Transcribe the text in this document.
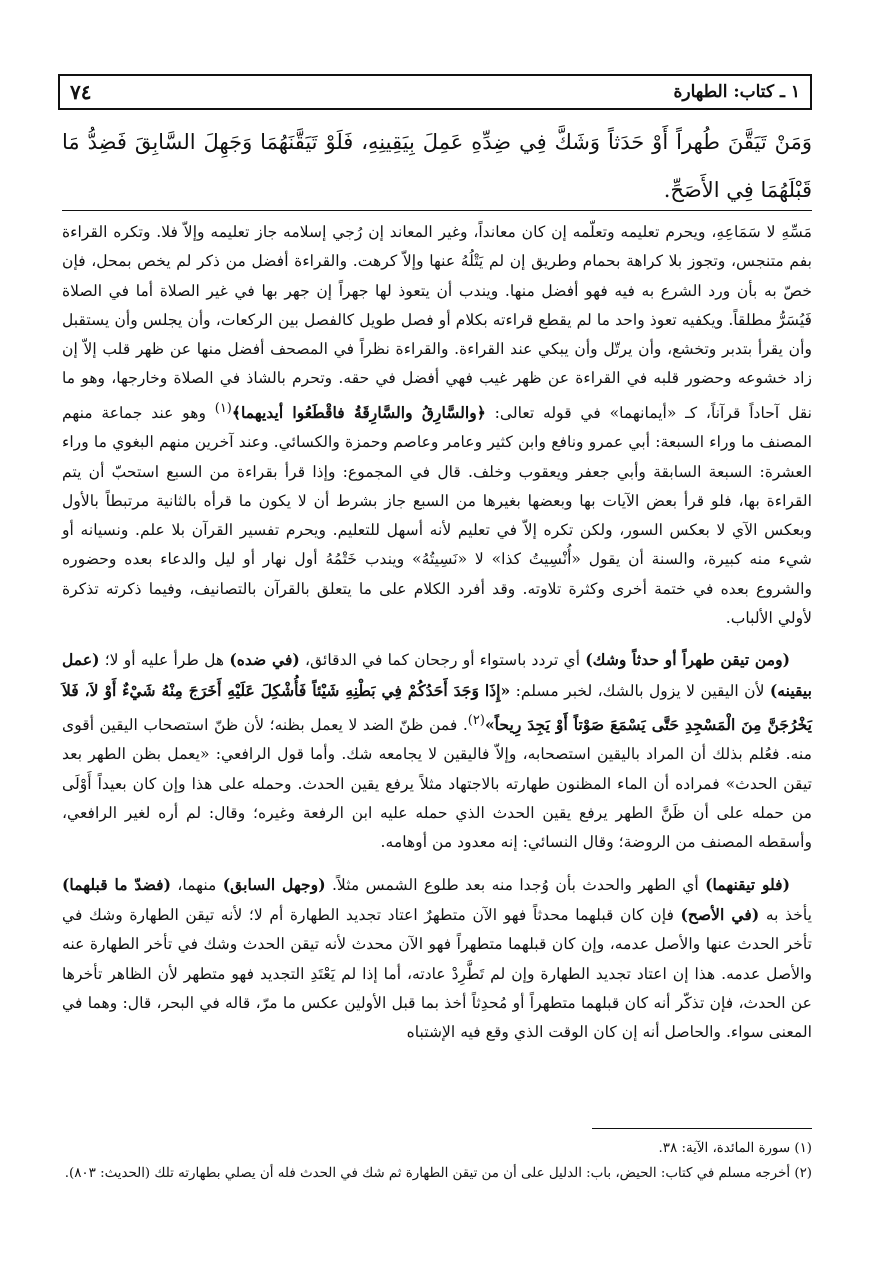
١ ـ كتاب: الطهارة
٧٤
وَمَنْ تَيَقَّنَ طُهراً أَوْ حَدَثاً وَشَكَّ فِي ضِدِّهِ عَمِلَ بِيَقِينِهِ، فَلَوْ تَيَقَّنَهُمَا وَجَهِلَ السَّابِقَ فَضِدُّ مَا قَبْلَهُمَا فِي الأَصَحِّ.

مَسِّهِ لا سَمَاعِهِ، ويحرم تعليمه وتعلّمه إن كان معانداً، وغير المعاند إن رُجي إسلامه جاز تعليمه وإلاّ فلا. وتكره القراءة بفم متنجس، وتجوز بلا كراهة بحمام وطريق إن لم يَتْلُهُ عنها وإلاّ كرهت. والقراءة أفضل من ذكر لم يخص بمحل، فإن خصّ به بأن ورد الشرع به فيه فهو أفضل منها. ويندب أن يتعوذ لها جهراً إن جهر بها في غير الصلاة أما في الصلاة فَيُسَرُّ مطلقاً. ويكفيه تعوذ واحد ما لم يقطع قراءته بكلام أو فصل طويل كالفصل بين الركعات، وأن يجلس وأن يستقبل وأن يقرأ بتدبر وتخشع، وأن يرتّل وأن يبكي عند القراءة. والقراءة نظراً في المصحف أفضل منها عن ظهر قلب إلاّ إن زاد خشوعه وحضور قلبه في القراءة عن ظهر غيب فهي أفضل في حقه. وتحرم بالشاذ في الصلاة وخارجها، وهو ما نقل آحاداً قرآناً، كـ «أيمانهما» في قوله تعالى: ﴿والسَّارِقُ والسَّارِقَةُ فاقْطَعُوا أيديهما﴾$^{(١)}$ وهو عند جماعة منهم المصنف ما وراء السبعة: أبي عمرو ونافع وابن كثير وعامر وعاصم وحمزة والكسائي. وعند آخرين منهم البغوي ما وراء العشرة: السبعة السابقة وأبي جعفر ويعقوب وخلف. قال في المجموع: وإذا قرأ بقراءة من السبع استحبّ أن يتم القراءة بها، فلو قرأ بعض الآيات بها وبعضها بغيرها من السبع جاز بشرط أن لا يكون ما قرأه بالثانية مرتبطاً بالأول وبعكس الآي لا بعكس السور، ولكن تكره إلاّ في تعليم لأنه أسهل للتعليم. ويحرم تفسير القرآن بلا علم. ونسيانه أو شيء منه كبيرة، والسنة أن يقول «أُنْسِيتُ كذا» لا «نَسِيتُهُ» ويندب خَتْمُهُ أول نهار أو ليل والدعاء بعده وحضوره والشروع بعده في ختمة أخرى وكثرة تلاوته. وقد أفرد الكلام على ما يتعلق بالقرآن بالتصانيف، وفيما ذكرته تذكرة لأولي الألباب.

(ومن تيقن طهراً أو حدثاً وشك) أي تردد باستواء أو رجحان كما في الدقائق، (في ضده) هل طرأ عليه أو لا؛ (عمل بيقينه) لأن اليقين لا يزول بالشك، لخبر مسلم: «إِذَا وَجَدَ أَحَدُكُمْ فِي بَطْنِهِ شَيْئاً فَأُشْكِلَ عَلَيْهِ أَخَرَجَ مِنْهُ شَيْءٌ أَوْ لاَ، فَلاَ يَخْرُجَنَّ مِنَ الْمَسْجِدِ حَتَّى يَسْمَعَ صَوْتاً أَوْ يَجِدَ رِيحاً»$^{(٢)}$. فمن ظنّ الضد لا يعمل بظنه؛ لأن ظنّ استصحاب اليقين أقوى منه. فعُلم بذلك أن المراد باليقين استصحابه، وإلاّ فاليقين لا يجامعه شك. وأما قول الرافعي: «يعمل بظن الطهر بعد تيقن الحدث» فمراده أن الماء المظنون طهارته بالاجتهاد مثلاً يرفع يقين الحدث. وحمله على هذا وإن كان بعيداً أَوْلَى من حمله على أن ظَنَّ الطهر يرفع يقين الحدث الذي حمله عليه ابن الرفعة وغيره؛ وقال: لم أره لغير الرافعي، وأسقطه المصنف من الروضة؛ وقال النسائي: إنه معدود من أوهامه.

(فلو تيقنهما) أي الطهر والحدث بأن وُجدا منه بعد طلوع الشمس مثلاً. (وجهل السابق) منهما، (فضدّ ما قبلهما) يأخذ به (في الأصح) فإن كان قبلهما محدثاً فهو الآن متطهرٌ اعتاد تجديد الطهارة أم لا؛ لأنه تيقن الطهارة وشك في تأخر الحدث عنها والأصل عدمه، وإن كان قبلهما متطهراً فهو الآن محدث لأنه تيقن الحدث وشك في تأخر الطهارة عنه والأصل عدمه. هذا إن اعتاد تجديد الطهارة وإن لم تَطَّرِدْ عادته، أما إذا لم يَعْتَدِ التجديد فهو متطهر لأن الظاهر تأخرها عن الحدث، فإن تذكّر أنه كان قبلهما متطهراً أو مُحدِثاً أخذ بما قبل الأولين عكس ما مرّ، قاله في البحر، قال: وهما في المعنى سواء. والحاصل أنه إن كان الوقت الذي وقع فيه الإشتباه

(١) سورة المائدة، الآية: ٣٨.

(٢) أخرجه مسلم في كتاب: الحيض، باب: الدليل على أن من تيقن الطهارة ثم شك في الحدث فله أن يصلي بطهارته تلك (الحديث: ٨٠٣).
